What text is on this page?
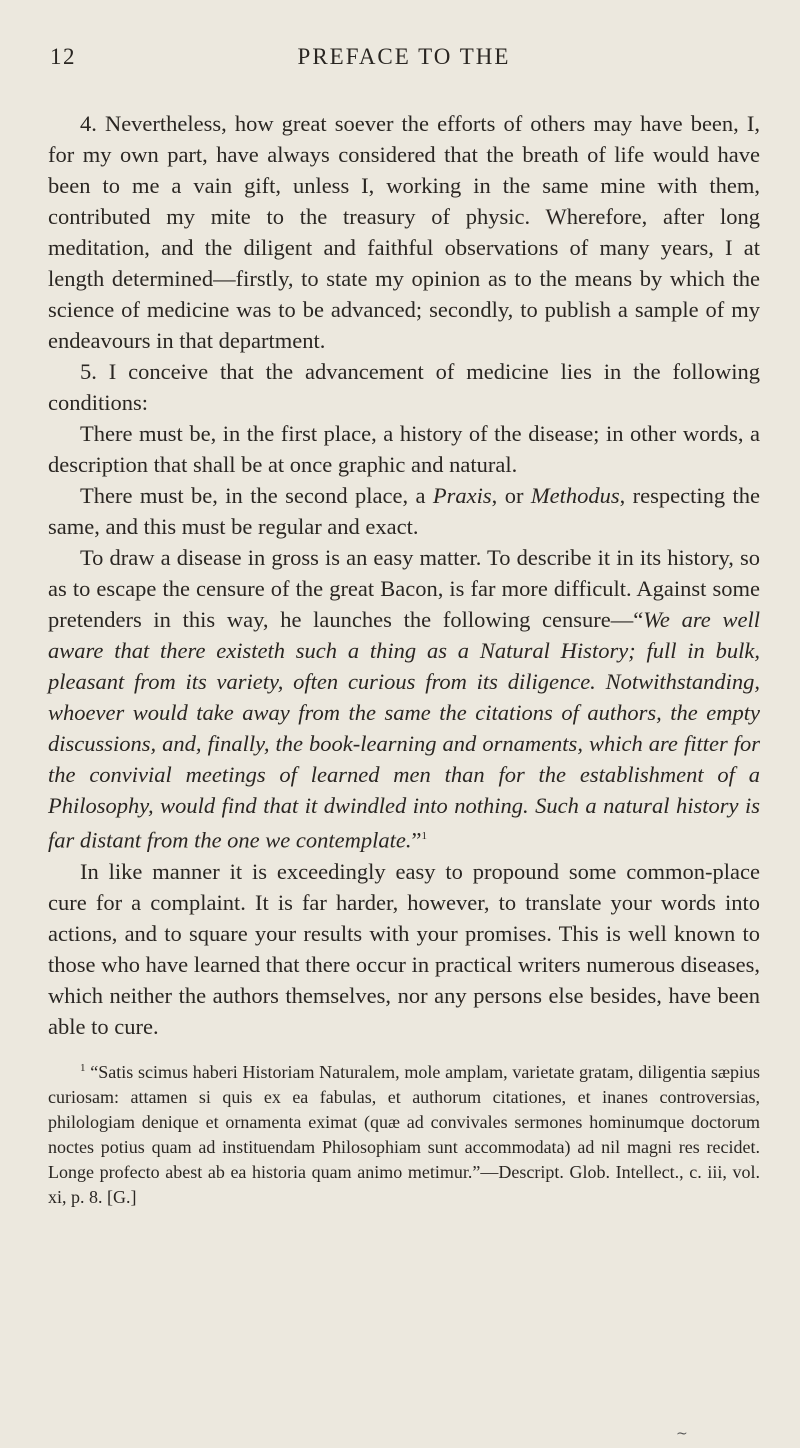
12	PREFACE TO THE

4. Nevertheless, how great soever the efforts of others may have been, I, for my own part, have always considered that the breath of life would have been to me a vain gift, unless I, working in the same mine with them, contributed my mite to the treasury of physic. Wherefore, after long meditation, and the diligent and faithful observations of many years, I at length determined—firstly, to state my opinion as to the means by which the science of medicine was to be advanced; secondly, to publish a sample of my endeavours in that department.

5. I conceive that the advancement of medicine lies in the following conditions:

There must be, in the first place, a history of the disease; in other words, a description that shall be at once graphic and natural.

There must be, in the second place, a Praxis, or Methodus, respecting the same, and this must be regular and exact.

To draw a disease in gross is an easy matter. To describe it in its history, so as to escape the censure of the great Bacon, is far more difficult. Against some pretenders in this way, he launches the following censure—“We are well aware that there existeth such a thing as a Natural History; full in bulk, pleasant from its variety, often curious from its diligence. Notwithstanding, whoever would take away from the same the citations of authors, the empty discussions, and, finally, the book-learning and ornaments, which are fitter for the convivial meetings of learned men than for the establishment of a Philosophy, would find that it dwindled into nothing. Such a natural history is far distant from the one we contemplate.”$^1$

In like manner it is exceedingly easy to propound some common-place cure for a complaint. It is far harder, however, to translate your words into actions, and to square your results with your promises. This is well known to those who have learned that there occur in practical writers numerous diseases, which neither the authors themselves, nor any persons else besides, have been able to cure.

$^1$ “Satis scimus haberi Historiam Naturalem, mole amplam, varietate gratam, diligentia sæpius curiosam: attamen si quis ex ea fabulas, et authorum citationes, et inanes controversias, philologiam denique et ornamenta eximat (quæ ad convivales sermones hominumque doctorum noctes potius quam ad instituendam Philosophiam sunt accommodata) ad nil magni res recidet. Longe profecto abest ab ea historia quam animo metimur.”—Descript. Glob. Intellect., c. iii, vol. xi, p. 8. [G.]
~
